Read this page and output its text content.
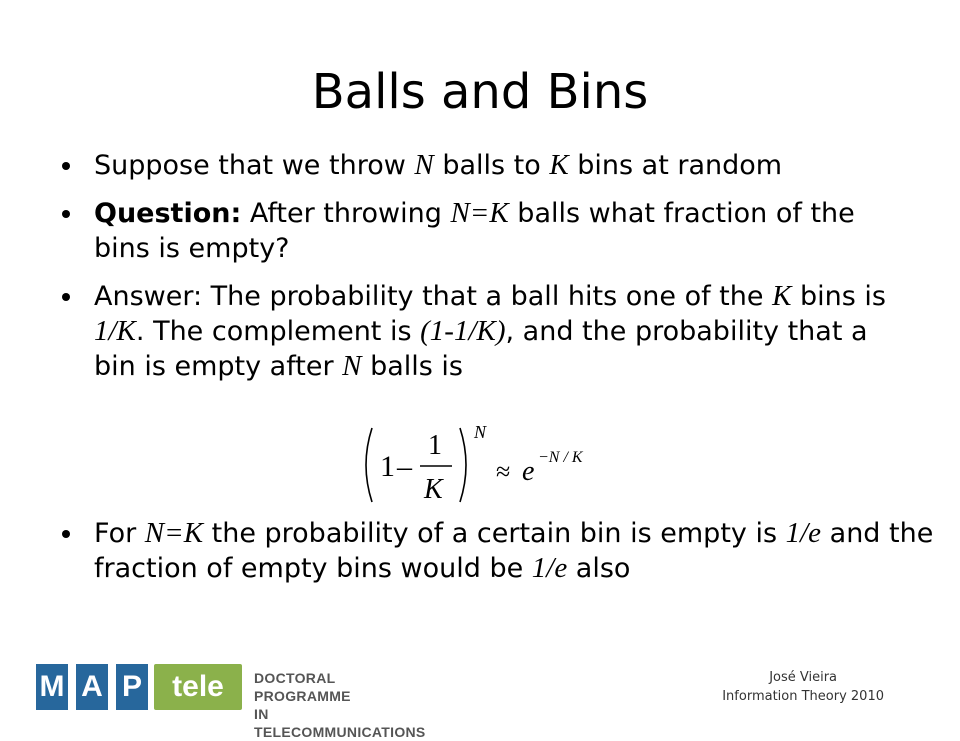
Balls and Bins
Suppose that we throw N balls to K bins at random
Question: After throwing N=K balls what fraction of the bins is empty?
Answer: The probability that a ball hits one of the K bins is 1/K. The complement is (1-1/K), and the probability that a bin is empty after N balls is
1 –
1
K
N
≈ e −N / K
For N=K the probability of a certain bin is empty is 1/e and the fraction of empty bins would be 1/e also
M A P	tele	DOCTORAL PROGRAMME
IN TELECOMMUNICATIONS
José Vieira
Information Theory 2010
